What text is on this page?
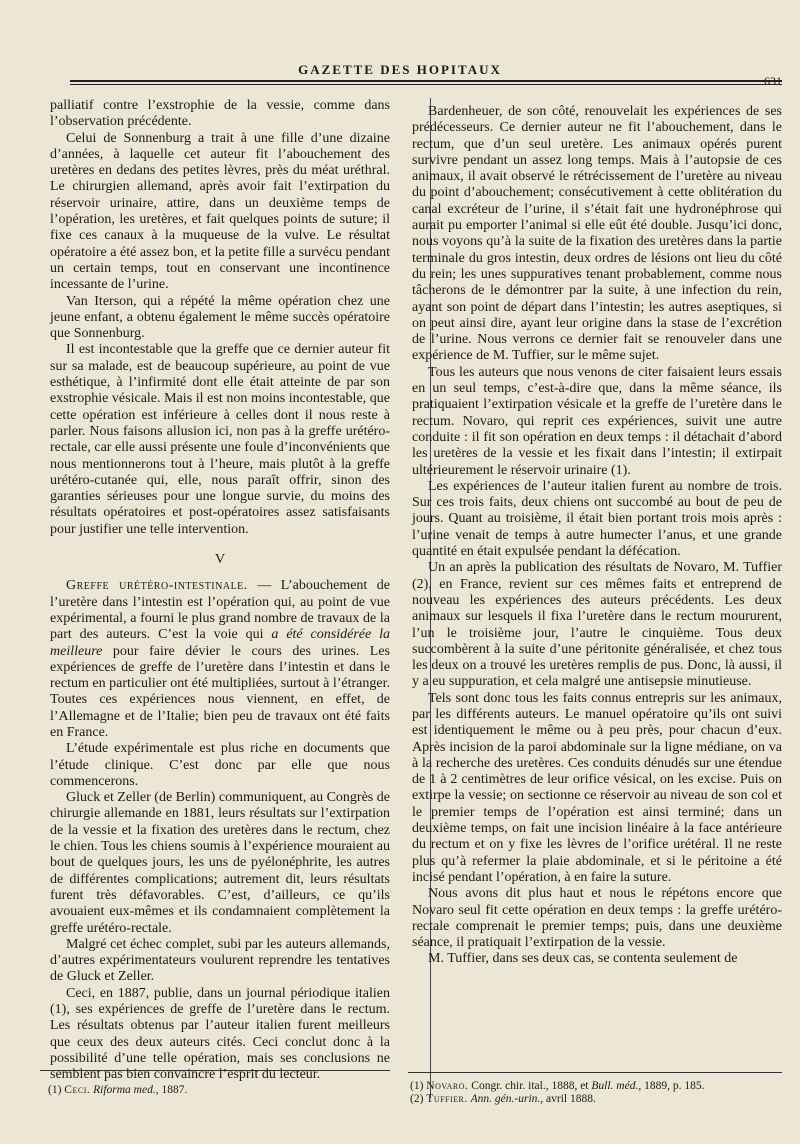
GAZETTE DES HOPITAUX
631

palliatif contre l’exstrophie de la vessie, comme dans l’observation précédente.

Celui de Sonnenburg a trait à une fille d’une dizaine d’années, à laquelle cet auteur fit l’abouchement des uretères en dedans des petites lèvres, près du méat uréthral. Le chirurgien allemand, après avoir fait l’extirpation du réservoir urinaire, attire, dans un deuxième temps de l’opération, les uretères, et fait quelques points de suture; il fixe ces canaux à la muqueuse de la vulve. Le résultat opératoire a été assez bon, et la petite fille a survécu pendant un certain temps, tout en conservant une incontinence incessante de l’urine.

Van Iterson, qui a répété la même opération chez une jeune enfant, a obtenu également le même succès opératoire que Sonnenburg.

Il est incontestable que la greffe que ce dernier auteur fit sur sa malade, est de beaucoup supérieure, au point de vue esthétique, à l’infirmité dont elle était atteinte de par son exstrophie vésicale. Mais il est non moins incontestable, que cette opération est inférieure à celles dont il nous reste à parler. Nous faisons allusion ici, non pas à la greffe urétéro-rectale, car elle aussi présente une foule d’inconvénients que nous mentionnerons tout à l’heure, mais plutôt à la greffe urétéro-cutanée qui, elle, nous paraît offrir, sinon des garanties sérieuses pour une longue survie, du moins des résultats opératoires et post-opératoires assez satisfaisants pour justifier une telle intervention.

V

Greffe urétéro-intestinale. — L’abouchement de l’uretère dans l’intestin est l’opération qui, au point de vue expérimental, a fourni le plus grand nombre de travaux de la part des auteurs. C’est la voie qui a été considérée la meilleure pour faire dévier le cours des urines. Les expériences de greffe de l’uretère dans l’intestin et dans le rectum en particulier ont été multipliées, surtout à l’étranger. Toutes ces expériences nous viennent, en effet, de l’Allemagne et de l’Italie; bien peu de travaux ont été faits en France.

L’étude expérimentale est plus riche en documents que l’étude clinique. C’est donc par elle que nous commencerons.

Gluck et Zeller (de Berlin) communiquent, au Congrès de chirurgie allemande en 1881, leurs résultats sur l’extirpation de la vessie et la fixation des uretères dans le rectum, chez le chien. Tous les chiens soumis à l’expérience mouraient au bout de quelques jours, les uns de pyélonéphrite, les autres de différentes complications; autrement dit, leurs résultats furent très défavorables. C’est, d’ailleurs, ce qu’ils avouaient eux-mêmes et ils condamnaient complètement la greffe urétéro-rectale.

Malgré cet échec complet, subi par les auteurs allemands, d’autres expérimentateurs voulurent reprendre les tentatives de Gluck et Zeller.

Ceci, en 1887, publie, dans un journal périodique italien (1), ses expériences de greffe de l’uretère dans le rectum. Les résultats obtenus par l’auteur italien furent meilleurs que ceux des deux auteurs cités. Ceci conclut donc à la possibilité d’une telle opération, mais ses conclusions ne semblent pas bien convaincre l’esprit du lecteur.

Bardenheuer, de son côté, renouvelait les expériences de ses prédécesseurs. Ce dernier auteur ne fit l’abouchement, dans le rectum, que d’un seul uretère. Les animaux opérés purent survivre pendant un assez long temps. Mais à l’autopsie de ces animaux, il avait observé le rétrécissement de l’uretère au niveau du point d’abouchement; consécutivement à cette oblitération du canal excréteur de l’urine, il s’était fait une hydronéphrose qui aurait pu emporter l’animal si elle eût été double. Jusqu’ici donc, nous voyons qu’à la suite de la fixation des uretères dans la partie terminale du gros intestin, deux ordres de lésions ont lieu du côté du rein; les unes suppuratives tenant probablement, comme nous tâcherons de le démontrer par la suite, à une infection du rein, ayant son point de départ dans l’intestin; les autres aseptiques, si on peut ainsi dire, ayant leur origine dans la stase de l’excrétion de l’urine. Nous verrons ce dernier fait se renouveler dans une expérience de M. Tuffier, sur le même sujet.

Tous les auteurs que nous venons de citer faisaient leurs essais en un seul temps, c’est-à-dire que, dans la même séance, ils pratiquaient l’extirpation vésicale et la greffe de l’uretère dans le rectum. Novaro, qui reprit ces expériences, suivit une autre conduite : il fit son opération en deux temps : il détachait d’abord les uretères de la vessie et les fixait dans l’intestin; il extirpait ultérieurement le réservoir urinaire (1).

Les expériences de l’auteur italien furent au nombre de trois. Sur ces trois faits, deux chiens ont succombé au bout de peu de jours. Quant au troisième, il était bien portant trois mois après : l’urine venait de temps à autre humecter l’anus, et une grande quantité en était expulsée pendant la défécation.

Un an après la publication des résultats de Novaro, M. Tuffier (2), en France, revient sur ces mêmes faits et entreprend de nouveau les expériences des auteurs précédents. Les deux animaux sur lesquels il fixa l’uretère dans le rectum moururent, l’un le troisième jour, l’autre le cinquième. Tous deux succombèrent à la suite d’une péritonite généralisée, et chez tous les deux on a trouvé les uretères remplis de pus. Donc, là aussi, il y a eu suppuration, et cela malgré une antisepsie minutieuse.

Tels sont donc tous les faits connus entrepris sur les animaux, par les différents auteurs. Le manuel opératoire qu’ils ont suivi est identiquement le même ou à peu près, pour chacun d’eux. Après incision de la paroi abdominale sur la ligne médiane, on va à la recherche des uretères. Ces conduits dénudés sur une étendue de 1 à 2 centimètres de leur orifice vésical, on les excise. Puis on extirpe la vessie; on sectionne ce réservoir au niveau de son col et le premier temps de l’opération est ainsi terminé; dans un deuxième temps, on fait une incision linéaire à la face antérieure du rectum et on y fixe les lèvres de l’orifice urétéral. Il ne reste plus qu’à refermer la plaie abdominale, et si le péritoine a été incisé pendant l’opération, à en faire la suture.

Nous avons dit plus haut et nous le répétons encore que Novaro seul fit cette opération en deux temps : la greffe urétéro-rectale comprenait le premier temps; puis, dans une deuxième séance, il pratiquait l’extirpation de la vessie.

M. Tuffier, dans ses deux cas, se contenta seulement de

(1) Ceci. Riforma med., 1887.	(1) Novaro. Congr. chir. ital., 1888, et Bull. méd., 1889, p. 185.
(2) Tuffier. Ann. gén.-urin., avril 1888.
